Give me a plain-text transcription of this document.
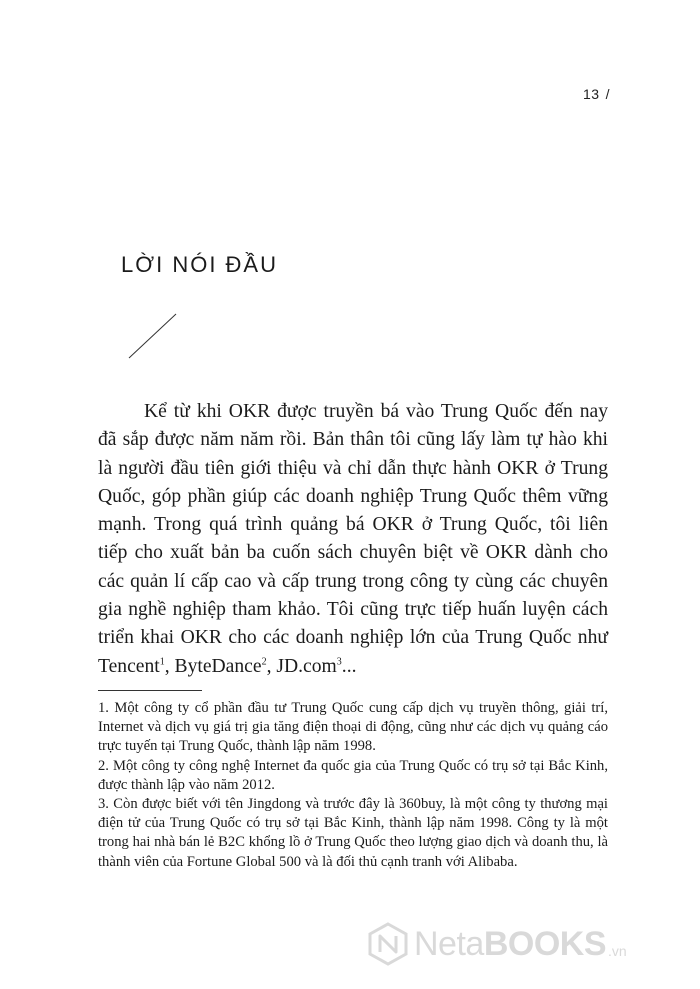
13 /
LỜI NÓI ĐẦU

Kể từ khi OKR được truyền bá vào Trung Quốc đến nay đã sắp được năm năm rồi. Bản thân tôi cũng lấy làm tự hào khi là người đầu tiên giới thiệu và chỉ dẫn thực hành OKR ở Trung Quốc, góp phần giúp các doanh nghiệp Trung Quốc thêm vững mạnh. Trong quá trình quảng bá OKR ở Trung Quốc, tôi liên tiếp cho xuất bản ba cuốn sách chuyên biệt về OKR dành cho các quản lí cấp cao và cấp trung trong công ty cùng các chuyên gia nghề nghiệp tham khảo. Tôi cũng trực tiếp huấn luyện cách triển khai OKR cho các doanh nghiệp lớn của Trung Quốc như Tencent$^1$, ByteDance$^2$, JD.com$^3$...

1. Một công ty cổ phần đầu tư Trung Quốc cung cấp dịch vụ truyền thông, giải trí, Internet và dịch vụ giá trị gia tăng điện thoại di động, cũng như các dịch vụ quảng cáo trực tuyến tại Trung Quốc, thành lập năm 1998.

2. Một công ty công nghệ Internet đa quốc gia của Trung Quốc có trụ sở tại Bắc Kinh, được thành lập vào năm 2012.

3. Còn được biết với tên Jingdong và trước đây là 360buy, là một công ty thương mại điện tử của Trung Quốc có trụ sở tại Bắc Kinh, thành lập năm 1998. Công ty là một trong hai nhà bán lẻ B2C khổng lồ ở Trung Quốc theo lượng giao dịch và doanh thu, là thành viên của Fortune Global 500 và là đối thủ cạnh tranh với Alibaba.

NetaBOOKS .vn
